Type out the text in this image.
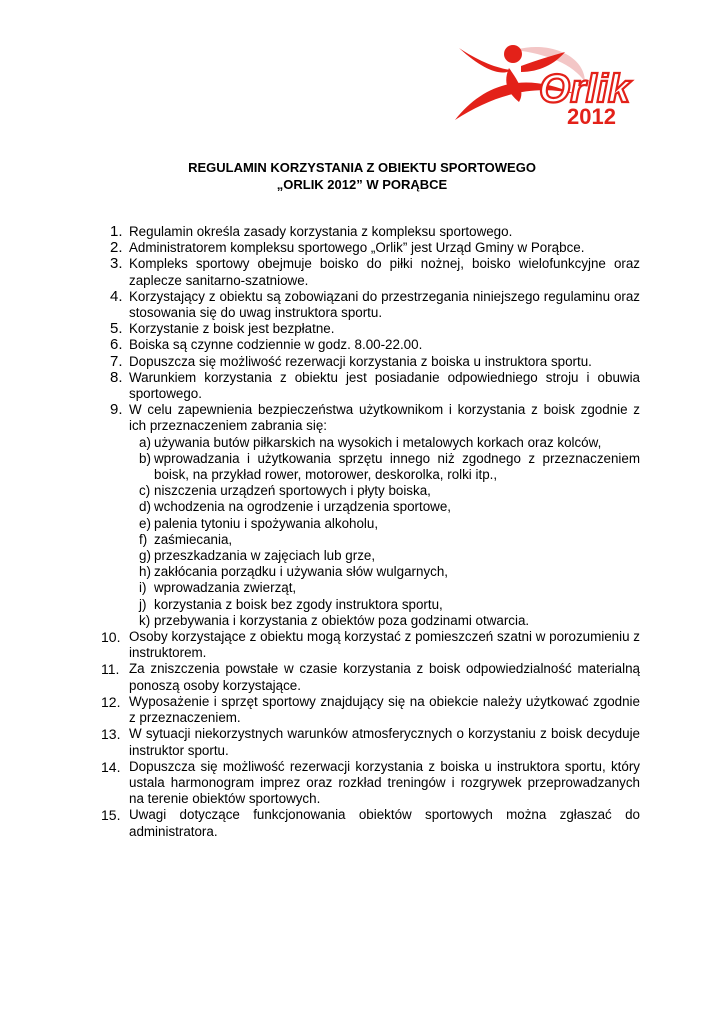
Orlik
2012
REGULAMIN KORZYSTANIA Z OBIEKTU SPORTOWEGO
„ORLIK 2012” W PORĄBCE
1. Regulamin określa zasady korzystania z kompleksu sportowego.
2. Administratorem kompleksu sportowego „Orlik” jest Urząd Gminy w Porąbce.
3. Kompleks sportowy obejmuje boisko do piłki nożnej, boisko wielofunkcyjne oraz zaplecze sanitarno-szatniowe.
4. Korzystający z obiektu są zobowiązani do przestrzegania niniejszego regulaminu oraz stosowania się do uwag instruktora sportu.
5. Korzystanie z boisk jest bezpłatne.
6. Boiska są czynne codziennie w godz. 8.00-22.00.
7. Dopuszcza się możliwość rezerwacji korzystania z boiska u instruktora sportu.
8. Warunkiem korzystania z obiektu jest posiadanie odpowiedniego stroju i obuwia sportowego.
9. W celu zapewnienia bezpieczeństwa użytkownikom i korzystania z boisk zgodnie z ich przeznaczeniem zabrania się:
a) używania butów piłkarskich na wysokich i metalowych korkach oraz kolców,
b) wprowadzania i użytkowania sprzętu innego niż zgodnego z przeznaczeniem boisk, na przykład rower, motorower, deskorolka, rolki itp.,
c) niszczenia urządzeń sportowych i płyty boiska,
d) wchodzenia na ogrodzenie i urządzenia sportowe,
e) palenia tytoniu i spożywania alkoholu,
f) zaśmiecania,
g) przeszkadzania w zajęciach lub grze,
h) zakłócania porządku i używania słów wulgarnych,
i) wprowadzania zwierząt,
j) korzystania z boisk bez zgody instruktora sportu,
k) przebywania i korzystania z obiektów poza godzinami otwarcia.
10. Osoby korzystające z obiektu mogą korzystać z pomieszczeń szatni w porozumieniu z instruktorem.
11. Za zniszczenia powstałe w czasie korzystania z boisk odpowiedzialność materialną ponoszą osoby korzystające.
12. Wyposażenie i sprzęt sportowy znajdujący się na obiekcie należy użytkować zgodnie z przeznaczeniem.
13. W sytuacji niekorzystnych warunków atmosferycznych o korzystaniu z boisk decyduje instruktor sportu.
14. Dopuszcza się możliwość rezerwacji korzystania z boiska u instruktora sportu, który ustala harmonogram imprez oraz rozkład treningów i rozgrywek przeprowadzanych na terenie obiektów sportowych.
15. Uwagi dotyczące funkcjonowania obiektów sportowych można zgłaszać do administratora.
